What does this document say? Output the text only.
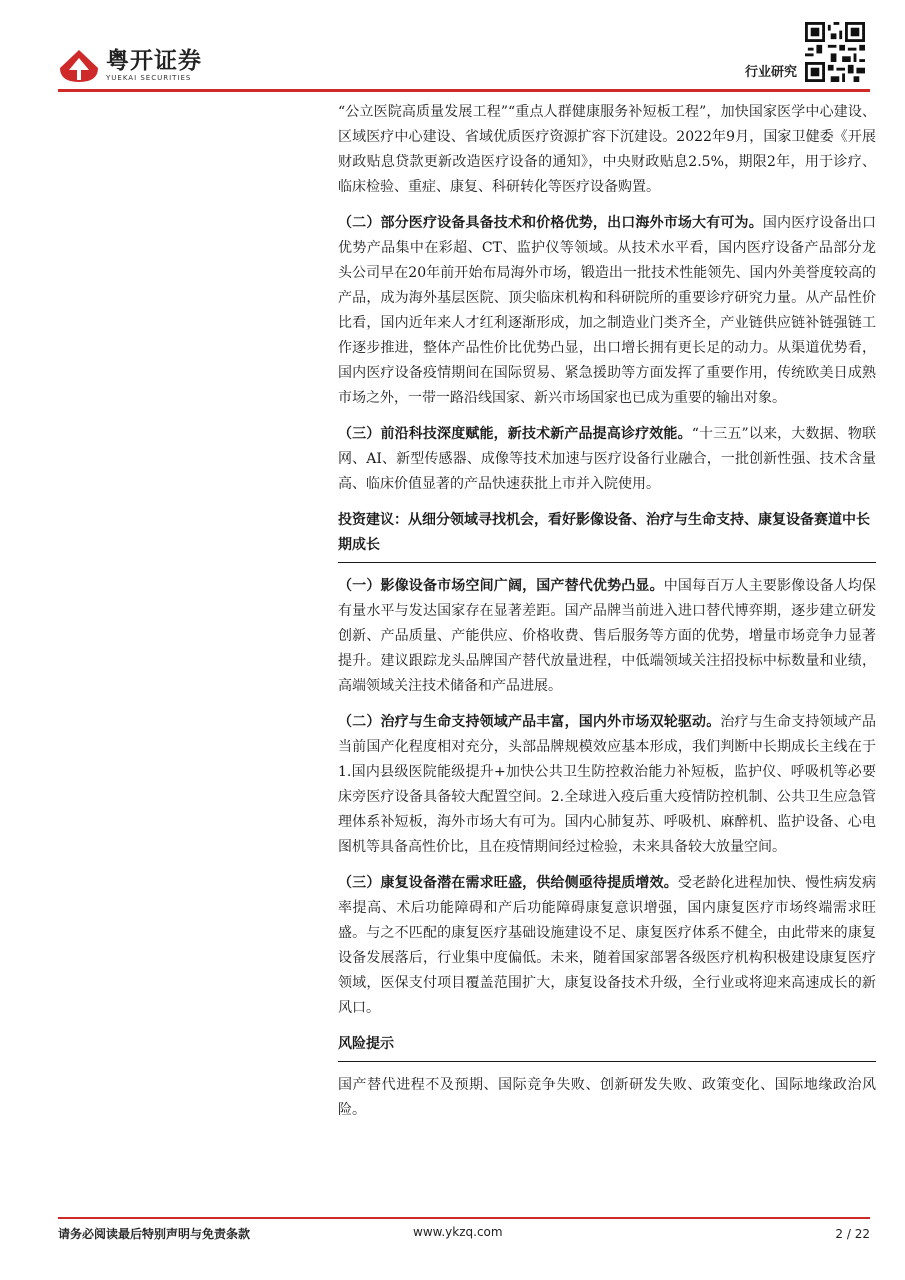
粤开证券
YUEKAI SECURITIES	行业研究

“公立医院高质量发展工程”“重点人群健康服务补短板工程”，加快国家医学中心建设、区域医疗中心建设、省域优质医疗资源扩容下沉建设。2022年9月，国家卫健委《开展财政贴息贷款更新改造医疗设备的通知》，中央财政贴息2.5%，期限2年，用于诊疗、临床检验、重症、康复、科研转化等医疗设备购置。

（二）部分医疗设备具备技术和价格优势，出口海外市场大有可为。国内医疗设备出口优势产品集中在彩超、CT、监护仪等领域。从技术水平看，国内医疗设备产品部分龙头公司早在20年前开始布局海外市场，锻造出一批技术性能领先、国内外美誉度较高的产品，成为海外基层医院、顶尖临床机构和科研院所的重要诊疗研究力量。从产品性价比看，国内近年来人才红利逐渐形成，加之制造业门类齐全，产业链供应链补链强链工作逐步推进，整体产品性价比优势凸显，出口增长拥有更长足的动力。从渠道优势看，国内医疗设备疫情期间在国际贸易、紧急援助等方面发挥了重要作用，传统欧美日成熟市场之外，一带一路沿线国家、新兴市场国家也已成为重要的输出对象。

（三）前沿科技深度赋能，新技术新产品提高诊疗效能。“十三五”以来，大数据、物联网、AI、新型传感器、成像等技术加速与医疗设备行业融合，一批创新性强、技术含量高、临床价值显著的产品快速获批上市并入院使用。

投资建议：从细分领域寻找机会，看好影像设备、治疗与生命支持、康复设备赛道中长期成长

（一）影像设备市场空间广阔，国产替代优势凸显。中国每百万人主要影像设备人均保有量水平与发达国家存在显著差距。国产品牌当前进入进口替代博弈期，逐步建立研发创新、产品质量、产能供应、价格收费、售后服务等方面的优势，增量市场竞争力显著提升。建议跟踪龙头品牌国产替代放量进程，中低端领域关注招投标中标数量和业绩，高端领域关注技术储备和产品进展。

（二）治疗与生命支持领域产品丰富，国内外市场双轮驱动。治疗与生命支持领域产品当前国产化程度相对充分，头部品牌规模效应基本形成，我们判断中长期成长主线在于 1.国内县级医院能级提升+加快公共卫生防控救治能力补短板，监护仪、呼吸机等必要床旁医疗设备具备较大配置空间。2.全球进入疫后重大疫情防控机制、公共卫生应急管理体系补短板，海外市场大有可为。国内心肺复苏、呼吸机、麻醉机、监护设备、心电图机等具备高性价比，且在疫情期间经过检验，未来具备较大放量空间。

（三）康复设备潜在需求旺盛，供给侧亟待提质增效。受老龄化进程加快、慢性病发病率提高、术后功能障碍和产后功能障碍康复意识增强，国内康复医疗市场终端需求旺盛。与之不匹配的康复医疗基础设施建设不足、康复医疗体系不健全，由此带来的康复设备发展落后，行业集中度偏低。未来，随着国家部署各级医疗机构积极建设康复医疗领域，医保支付项目覆盖范围扩大，康复设备技术升级，全行业或将迎来高速成长的新风口。

风险提示

国产替代进程不及预期、国际竞争失败、创新研发失败、政策变化、国际地缘政治风险。

请务必阅读最后特别声明与免责条款	www.ykzq.com	2 / 22
